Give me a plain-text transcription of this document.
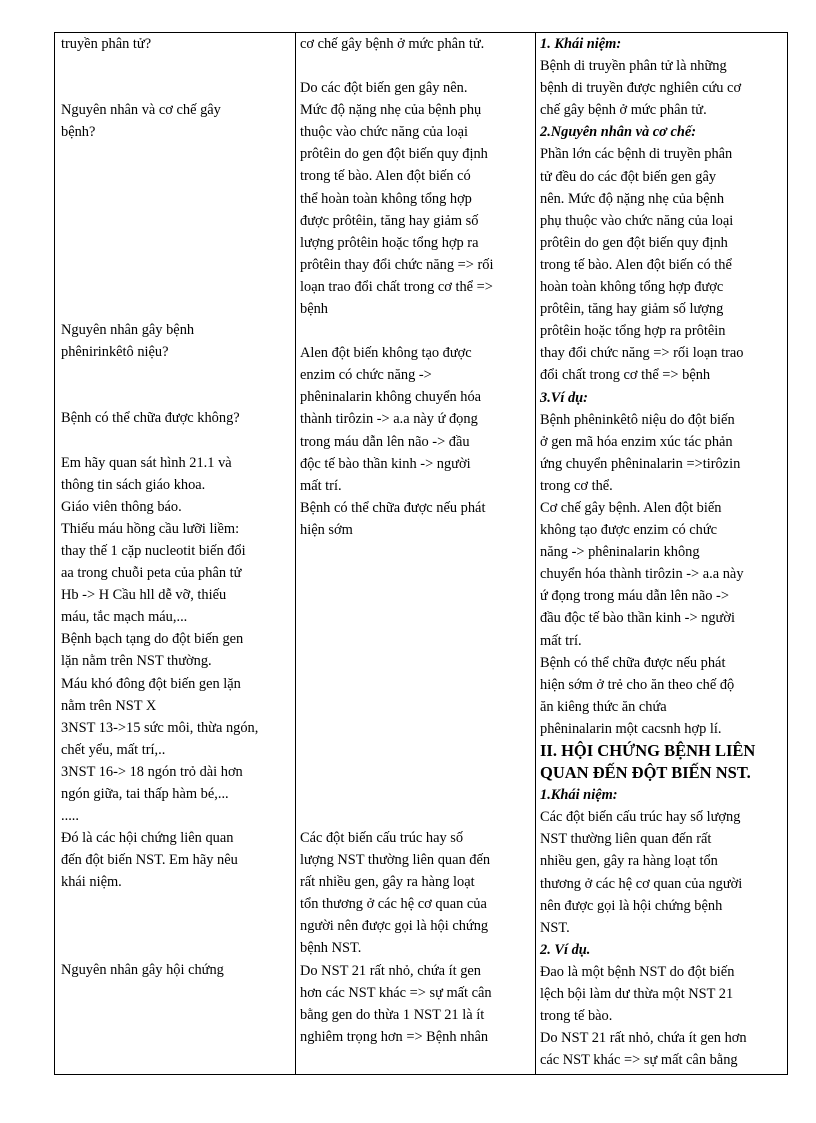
truyền phân tử?

Nguyên nhân và cơ chế gây
bệnh?

Nguyên nhân gây bệnh
phênirinkêtô niệu?

Bệnh có thể chữa được không?

Em hãy quan sát hình 21.1 và
thông tin sách giáo khoa.
Giáo viên thông báo.
Thiếu máu hồng cầu lưỡi liềm:
thay thế 1 cặp nucleotit biến đổi
aa trong chuỗi peta của phân tử
Hb -> H Cầu hll dễ vỡ, thiếu
máu, tắc mạch máu,...
Bệnh bạch tạng do đột biến gen
lặn nằm trên NST thường.
Máu khó đông đột biến gen lặn
nằm trên NST X
3NST 13->15 sức môi, thừa ngón,
chết yểu, mất trí,..
3NST 16-> 18 ngón trỏ dài hơn
ngón giữa, tai thấp hàm bé,...
.....
Đó là các hội chứng liên quan
đến đột biến NST. Em hãy nêu
khái niệm.

Nguyên nhân gây hội chứng

cơ chế gây bệnh ở mức phân tử.

Do các đột biến gen gây nên.
Mức độ nặng nhẹ của bệnh phụ
thuộc vào chức năng của loại
prôtêin do gen đột biến quy định
trong tế bào. Alen đột biến có
thể hoàn toàn không tổng hợp
được prôtêin, tăng hay giảm số
lượng prôtêin hoặc tổng hợp ra
prôtêin thay đổi chức năng => rối
loạn trao đổi chất trong cơ thể =>
bệnh

Alen đột biến không tạo được
enzim có chức năng ->
phêninalarin không chuyển hóa
thành tirôzin -> a.a này ứ đọng
trong máu dẫn lên não -> đầu
độc tế bào thần kinh -> người
mất trí.

Bệnh có thể chữa được nếu phát
hiện sớm

Các đột biến cấu trúc hay số
lượng NST thường liên quan đến
rất nhiều gen, gây ra hàng loạt
tổn thương ở các hệ cơ quan của
người nên được gọi là hội chứng
bệnh NST.
Do NST 21 rất nhỏ, chứa ít gen
hơn các NST khác => sự mất cân
bằng gen do thừa 1 NST 21 là ít
nghiêm trọng hơn => Bệnh nhân

1. Khái niệm:

Bệnh di truyền phân tử là những
bệnh di truyền được nghiên cứu cơ
chế gây bệnh ở mức phân tử.

2.Nguyên nhân và cơ chế:

Phần lớn các bệnh di truyền phân
tử đều do các đột biến gen gây
nên. Mức độ nặng nhẹ của bệnh
phụ thuộc vào chức năng của loại
prôtêin do gen đột biến quy định
trong tế bào. Alen đột biến có thể
hoàn toàn không tổng hợp được
prôtêin, tăng hay giảm số lượng
prôtêin hoặc tổng hợp ra prôtêin
thay đổi chức năng => rối loạn trao
đổi chất trong cơ thể => bệnh

3.Ví dụ:

Bệnh phêninkêtô niệu do đột biến
ở gen mã hóa enzim xúc tác phản
ứng chuyển phêninalarin =>tirôzin
trong cơ thể.
Cơ chế gây bệnh. Alen đột biến
không tạo được enzim có chức
năng -> phêninalarin không
chuyển hóa thành tirôzin -> a.a này
ứ đọng trong máu dẫn lên não ->
đầu độc tế bào thần kinh -> người
mất trí.
Bệnh có thể chữa được nếu phát
hiện sớm ở trẻ cho ăn theo chế độ
ăn kiêng thức ăn chứa
phêninalarin một cacsnh hợp lí.

II. HỘI CHỨNG BỆNH LIÊN
QUAN ĐẾN ĐỘT BIẾN NST.

1.Khái niệm:

Các đột biến cấu trúc hay số lượng
NST thường liên quan đến rất
nhiều gen, gây ra hàng loạt tổn
thương ở các hệ cơ quan của người
nên được gọi là hội chứng bệnh
NST.

2. Ví dụ.

Đao là một bệnh NST do đột biến
lệch bội làm dư thừa một NST 21
trong tế bào.
Do NST 21 rất nhỏ, chứa ít gen hơn
các NST khác => sự mất cân bằng
